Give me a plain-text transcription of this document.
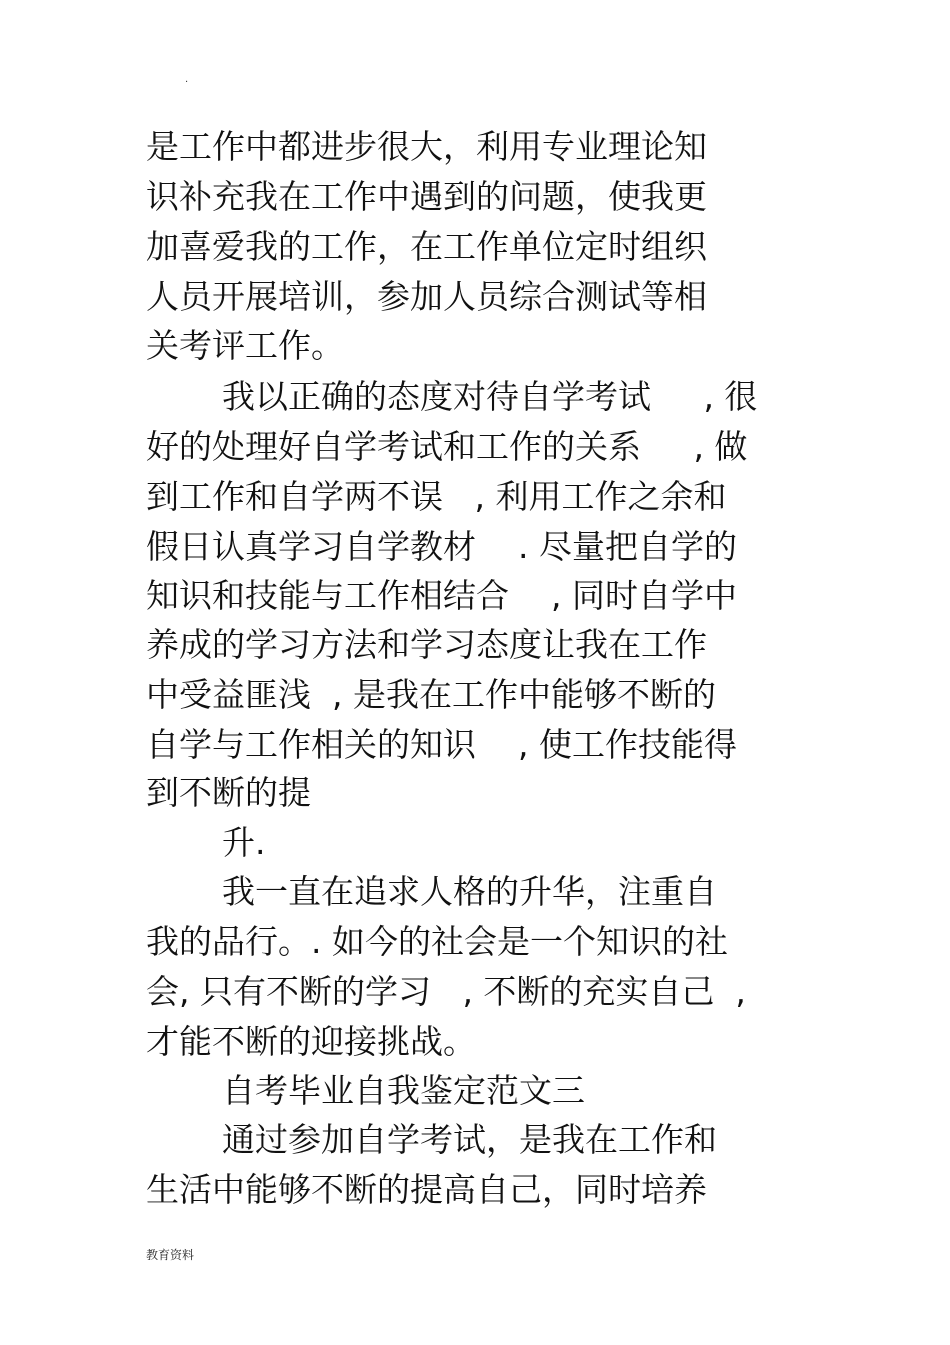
.
是工作中都进步很大，利用专业理论知
识补充我在工作中遇到的问题，使我更
加喜爱我的工作，在工作单位定时组织
人员开展培训，参加人员综合测试等相
关考评工作。
我以正确的态度对待自学考试     , 很
好的处理好自学考试和工作的关系     , 做
到工作和自学两不误   , 利用工作之余和
假日认真学习自学教材    . 尽量把自学的
知识和技能与工作相结合    , 同时自学中
养成的学习方法和学习态度让我在工作
中受益匪浅  , 是我在工作中能够不断的
自学与工作相关的知识    , 使工作技能得
到不断的提
升.
我一直在追求人格的升华，注重自
我的品行。. 如今的社会是一个知识的社
会, 只有不断的学习   , 不断的充实自己  ,
才能不断的迎接挑战。
自考毕业自我鉴定范文三
通过参加自学考试，是我在工作和
生活中能够不断的提高自己，同时培养
教育资料
